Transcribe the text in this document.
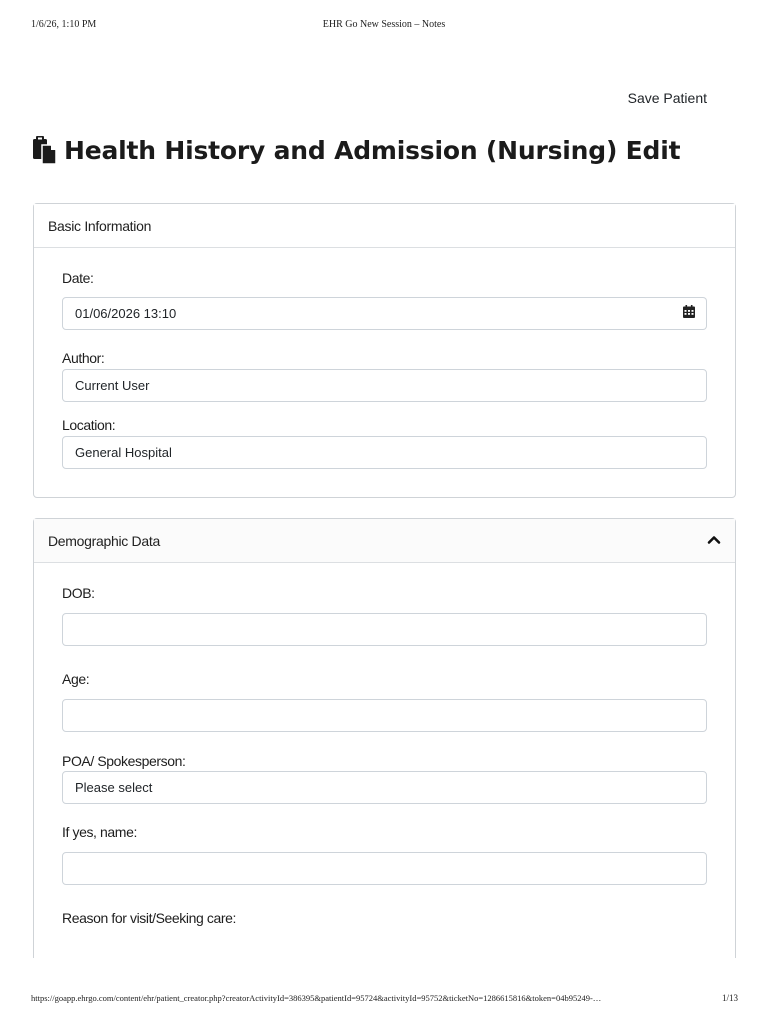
1/6/26, 1:10 PM	EHR Go New Session – Notes
Save Patient
Health History and Admission (Nursing) Edit
Basic Information
Date:
01/06/2026 13:10
Author:
Current User
Location:
General Hospital
Demographic Data
DOB:
Age:
POA/ Spokesperson:
Please select
If yes, name:
Reason for visit/Seeking care:
https://goapp.ehrgo.com/content/ehr/patient_creator.php?creatorActivityId=386395&patientId=95724&activityId=95752&ticketNo=1286615816&token=04b95249-…	1/13
